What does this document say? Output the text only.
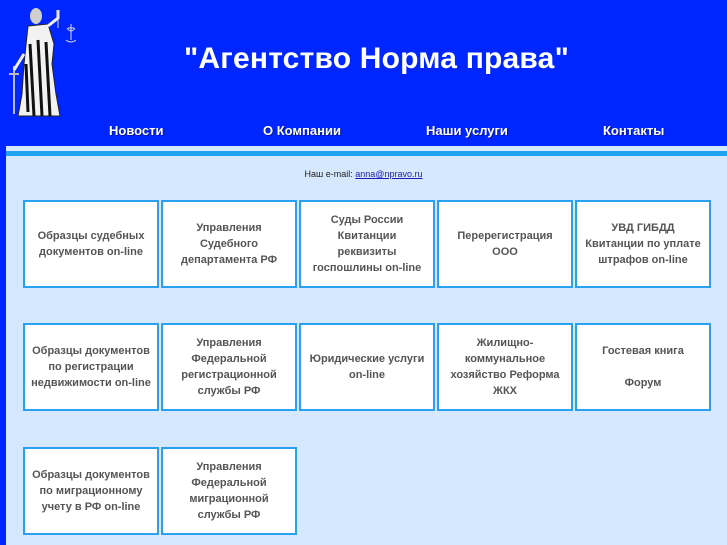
"Агентство Норма права"
Новости	О Компании	Наши услуги	Контакты
Наш e-mail: anna@npravo.ru
Образцы судебных документов on-line
Управления Судебного департамента РФ
Суды России Квитанции реквизиты госпошлины on-line
Перерегистрация ООО
УВД ГИБДД Квитанции по уплате штрафов on-line
Образцы документов по регистрации недвижимости on-line
Управления Федеральной регистрационной службы РФ
Юридические услуги on-line
Жилищно-коммунальное хозяйство Реформа ЖКХ
Гостевая книга
Форум
Образцы документов по миграционному учету в РФ on-line
Управления Федеральной миграционной службы РФ
